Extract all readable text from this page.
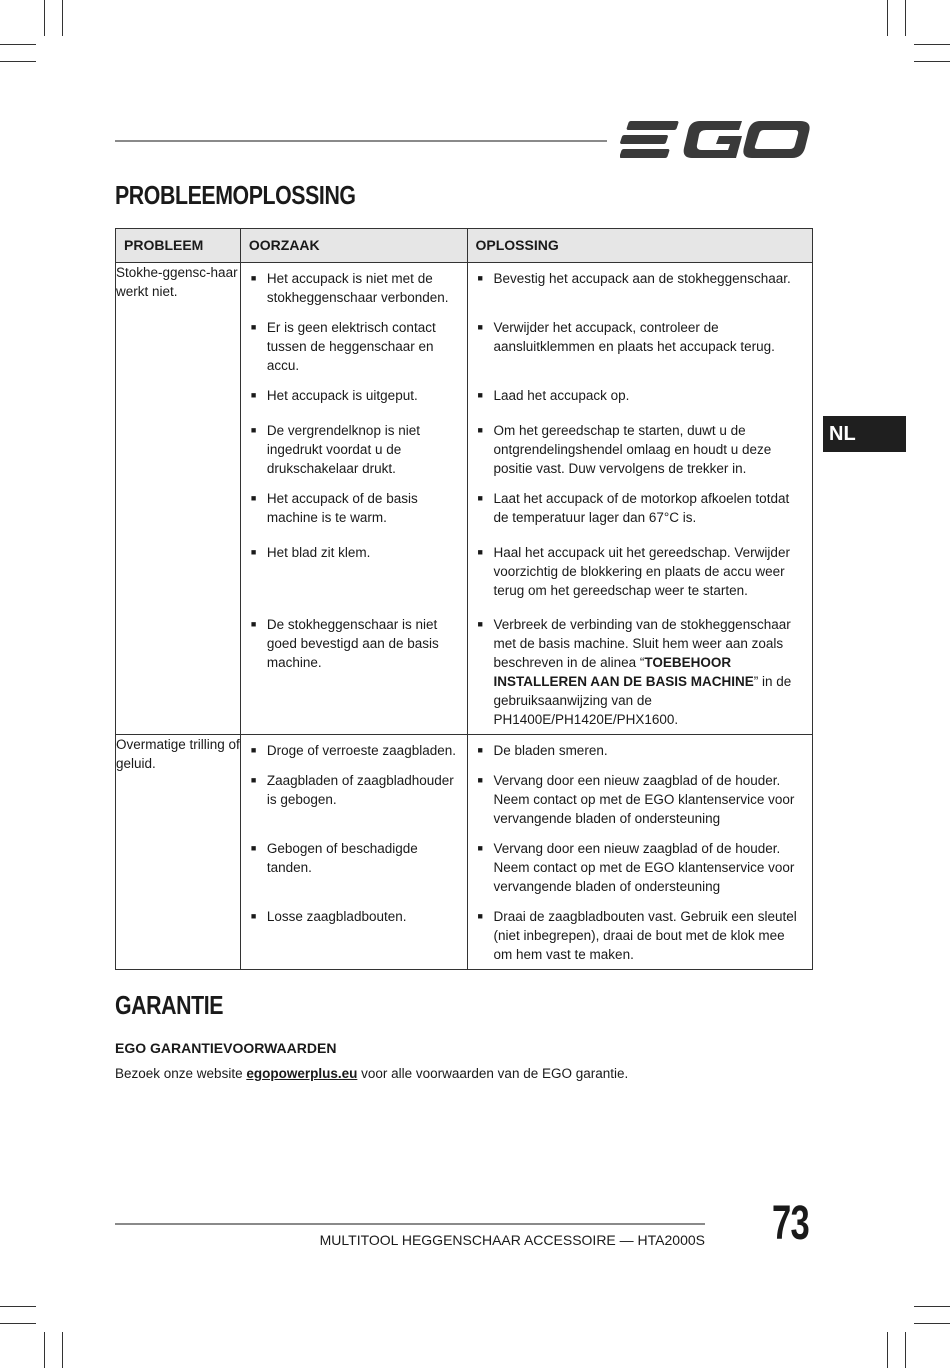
PROBLEEMOPLOSSING
NL
PROBLEEM	OORZAAK	OPLOSSING
Stokhe-ggensc-haar werkt niet.	■ Het accupack is niet met de stokheggenschaar verbonden.	■ Bevestig het accupack aan de stokheggenschaar.

	■ Er is geen elektrisch contact tussen de heggenschaar en accu.	■ Verwijder het accupack, controleer de aansluitklemmen en plaats het accupack terug.

	■ Het accupack is uitgeput.	■ Laad het accupack op.

	■ De vergrendelknop is niet ingedrukt voordat u de drukschakelaar drukt.	■ Om het gereedschap te starten, duwt u de ontgrendelingshendel omlaag en houdt u deze positie vast. Duw vervolgens de trekker in.

	■ Het accupack of de basis machine is te warm.	■ Laat het accupack of de motorkop afkoelen totdat de temperatuur lager dan 67°C is.

	■ Het blad zit klem.	■ Haal het accupack uit het gereedschap. Verwijder voorzichtig de blokkering en plaats de accu weer terug om het gereedschap weer te starten.

	■ De stokheggenschaar is niet goed bevestigd aan de basis machine.	■ Verbreek de verbinding van de stokheggenschaar met de basis machine. Sluit hem weer aan zoals beschreven in de alinea “TOEBEHOOR INSTALLEREN AAN DE BASIS MACHINE” in de gebruiksaanwijzing van de PH1400E/PH1420E/PHX1600.

Overmatige trilling of geluid.	■ Droge of verroeste zaagbladen.	■ De bladen smeren.

	■ Zaagbladen of zaagbladhouder is gebogen.	■ Vervang door een nieuw zaagblad of de houder. Neem contact op met de EGO klantenservice voor vervangende bladen of ondersteuning

	■ Gebogen of beschadigde tanden.	■ Vervang door een nieuw zaagblad of de houder. Neem contact op met de EGO klantenservice voor vervangende bladen of ondersteuning

	■ Losse zaagbladbouten.	■ Draai de zaagbladbouten vast. Gebruik een sleutel (niet inbegrepen), draai de bout met de klok mee om hem vast te maken.
GARANTIE
EGO GARANTIEVOORWAARDEN

Bezoek onze website egopowerplus.eu voor alle voorwaarden van de EGO garantie.

MULTITOOL HEGGENSCHAAR ACCESSOIRE — HTA2000S 73
